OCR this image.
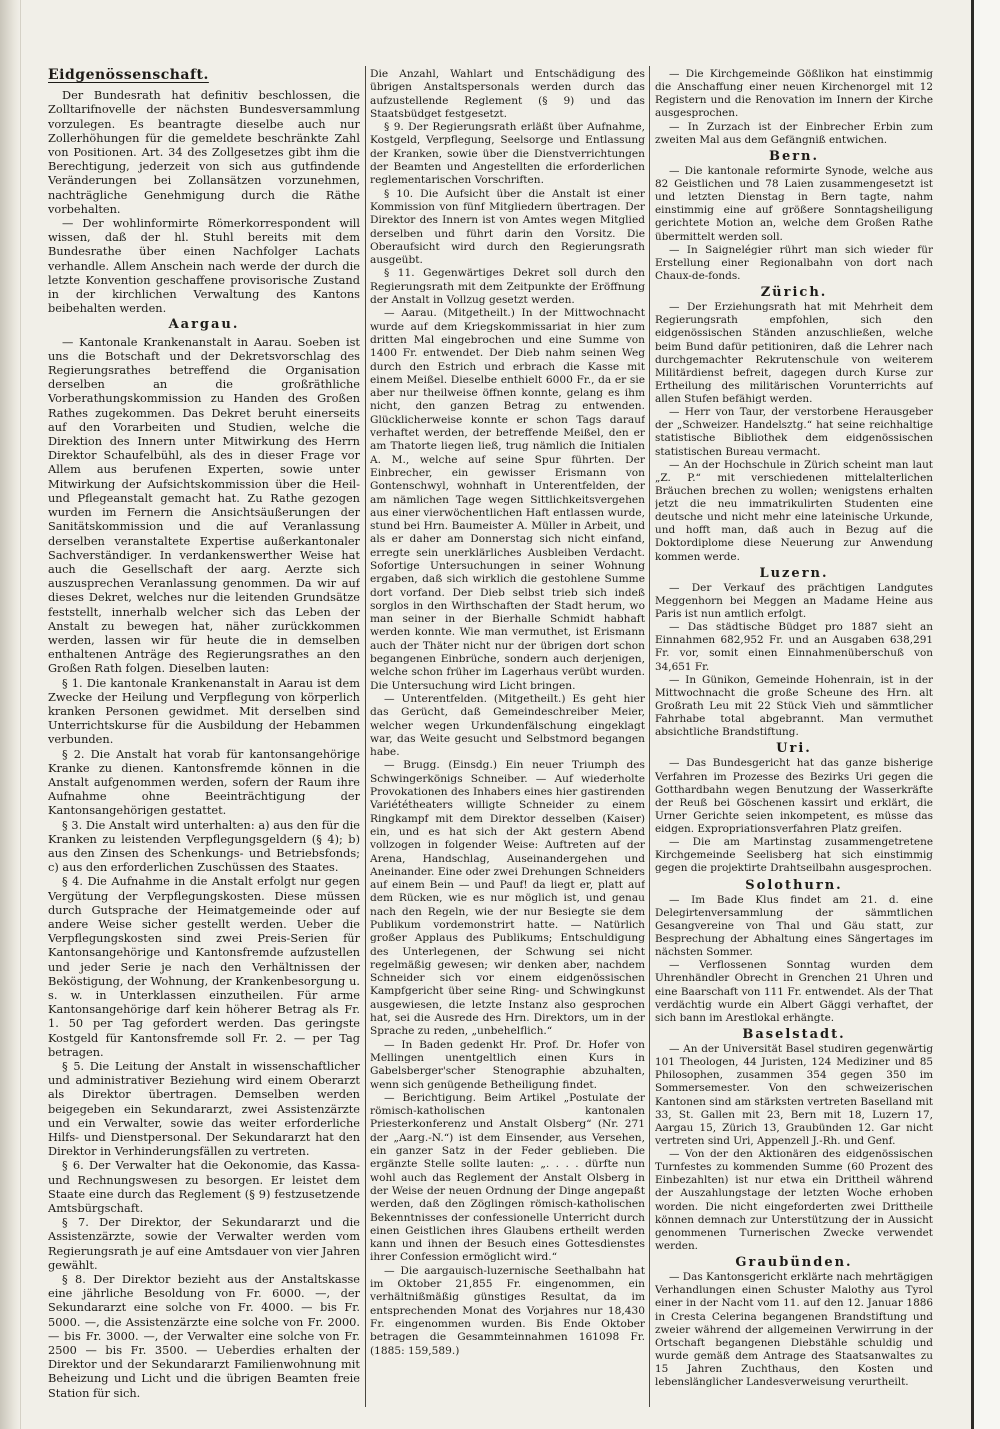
Eidgenössenschaft.

Der Bundesrath hat definitiv beschlossen, die Zolltarifnovelle der nächsten Bundesversammlung vorzulegen. Es beantragte dieselbe auch nur Zollerhöhungen für die gemeldete beschränkte Zahl von Positionen. Art. 34 des Zollgesetzes gibt ihm die Berechtigung, jederzeit von sich aus gutfindende Veränderungen bei Zollansätzen vorzunehmen, nachträgliche Genehmigung durch die Räthe vorbehalten.

— Der wohlinformirte Römerkorrespondent will wissen, daß der hl. Stuhl bereits mit dem Bundesrathe über einen Nachfolger Lachats verhandle. Allem Anschein nach werde der durch die letzte Konvention geschaffene provisorische Zustand in der kirchlichen Verwaltung des Kantons beibehalten werden.

Aargau.

— Kantonale Krankenanstalt in Aarau. Soeben ist uns die Botschaft und der Dekretsvorschlag des Regierungsrathes betreffend die Organisation derselben an die großräthliche Vorberathungskommission zu Handen des Großen Rathes zugekommen. Das Dekret beruht einerseits auf den Vorarbeiten und Studien, welche die Direktion des Innern unter Mitwirkung des Herrn Direktor Schaufelbühl, als des in dieser Frage vor Allem aus berufenen Experten, sowie unter Mitwirkung der Aufsichtskommission über die Heil- und Pflegeanstalt gemacht hat. Zu Rathe gezogen wurden im Fernern die Ansichtsäußerungen der Sanitätskommission und die auf Veranlassung derselben veranstaltete Expertise außerkantonaler Sachverständiger. In verdankenswerther Weise hat auch die Gesellschaft der aarg. Aerzte sich auszusprechen Veranlassung genommen. Da wir auf dieses Dekret, welches nur die leitenden Grundsätze feststellt, innerhalb welcher sich das Leben der Anstalt zu bewegen hat, näher zurückkommen werden, lassen wir für heute die in demselben enthaltenen Anträge des Regierungsrathes an den Großen Rath folgen. Dieselben lauten:

§ 1. Die kantonale Krankenanstalt in Aarau ist dem Zwecke der Heilung und Verpflegung von körperlich kranken Personen gewidmet. Mit derselben sind Unterrichtskurse für die Ausbildung der Hebammen verbunden.

§ 2. Die Anstalt hat vorab für kantonsangehörige Kranke zu dienen. Kantonsfremde können in die Anstalt aufgenommen werden, sofern der Raum ihre Aufnahme ohne Beeinträchtigung der Kantonsangehörigen gestattet.

§ 3. Die Anstalt wird unterhalten: a) aus den für die Kranken zu leistenden Verpflegungsgeldern (§ 4); b) aus den Zinsen des Schenkungs- und Betriebsfonds; c) aus den erforderlichen Zuschüssen des Staates.

§ 4. Die Aufnahme in die Anstalt erfolgt nur gegen Vergütung der Verpflegungskosten. Diese müssen durch Gutsprache der Heimatgemeinde oder auf andere Weise sicher gestellt werden. Ueber die Verpflegungskosten sind zwei Preis-Serien für Kantonsangehörige und Kantonsfremde aufzustellen und jeder Serie je nach den Verhältnissen der Beköstigung, der Wohnung, der Krankenbesorgung u. s. w. in Unterklassen einzutheilen. Für arme Kantonsangehörige darf kein höherer Betrag als Fr. 1. 50 per Tag gefordert werden. Das geringste Kostgeld für Kantonsfremde soll Fr. 2. — per Tag betragen.

§ 5. Die Leitung der Anstalt in wissenschaftlicher und administrativer Beziehung wird einem Oberarzt als Direktor übertragen. Demselben werden beigegeben ein Sekundararzt, zwei Assistenzärzte und ein Verwalter, sowie das weiter erforderliche Hilfs- und Dienstpersonal. Der Sekundararzt hat den Direktor in Verhinderungsfällen zu vertreten.

§ 6. Der Verwalter hat die Oekonomie, das Kassa- und Rechnungswesen zu besorgen. Er leistet dem Staate eine durch das Reglement (§ 9) festzusetzende Amtsbürgschaft.

§ 7. Der Direktor, der Sekundararzt und die Assistenzärzte, sowie der Verwalter werden vom Regierungsrath je auf eine Amtsdauer von vier Jahren gewählt.

§ 8. Der Direktor bezieht aus der Anstaltskasse eine jährliche Besoldung von Fr. 6000. —, der Sekundararzt eine solche von Fr. 4000. — bis Fr. 5000. —, die Assistenzärzte eine solche von Fr. 2000. — bis Fr. 3000. —, der Verwalter eine solche von Fr. 2500 — bis Fr. 3500. — Ueberdies erhalten der Direktor und der Sekundararzt Familienwohnung mit Beheizung und Licht und die übrigen Beamten freie Station für sich.

Die Anzahl, Wahlart und Entschädigung des übrigen Anstaltspersonals werden durch das aufzustellende Reglement (§ 9) und das Staatsbüdget festgesetzt.

§ 9. Der Regierungsrath erläßt über Aufnahme, Kostgeld, Verpflegung, Seelsorge und Entlassung der Kranken, sowie über die Dienstverrichtungen der Beamten und Angestellten die erforderlichen reglementarischen Vorschriften.

§ 10. Die Aufsicht über die Anstalt ist einer Kommission von fünf Mitgliedern übertragen. Der Direktor des Innern ist von Amtes wegen Mitglied derselben und führt darin den Vorsitz. Die Oberaufsicht wird durch den Regierungsrath ausgeübt.

§ 11. Gegenwärtiges Dekret soll durch den Regierungsrath mit dem Zeitpunkte der Eröffnung der Anstalt in Vollzug gesetzt werden.

— Aarau. (Mitgetheilt.) In der Mittwochnacht wurde auf dem Kriegskommissariat in hier zum dritten Mal eingebrochen und eine Summe von 1400 Fr. entwendet. Der Dieb nahm seinen Weg durch den Estrich und erbrach die Kasse mit einem Meißel. Dieselbe enthielt 6000 Fr., da er sie aber nur theilweise öffnen konnte, gelang es ihm nicht, den ganzen Betrag zu entwenden. Glücklicherweise konnte er schon Tags darauf verhaftet werden, der betreffende Meißel, den er am Thatorte liegen ließ, trug nämlich die Initialen A. M., welche auf seine Spur führten. Der Einbrecher, ein gewisser Erismann von Gontenschwyl, wohnhaft in Unterentfelden, der am nämlichen Tage wegen Sittlichkeitsvergehen aus einer vierwöchentlichen Haft entlassen wurde, stund bei Hrn. Baumeister A. Müller in Arbeit, und als er daher am Donnerstag sich nicht einfand, erregte sein unerklärliches Ausbleiben Verdacht. Sofortige Untersuchungen in seiner Wohnung ergaben, daß sich wirklich die gestohlene Summe dort vorfand. Der Dieb selbst trieb sich indeß sorglos in den Wirthschaften der Stadt herum, wo man seiner in der Bierhalle Schmidt habhaft werden konnte. Wie man vermuthet, ist Erismann auch der Thäter nicht nur der übrigen dort schon begangenen Einbrüche, sondern auch derjenigen, welche schon früher im Lagerhaus verübt wurden. Die Untersuchung wird Licht bringen.

— Unterentfelden. (Mitgetheilt.) Es geht hier das Gerücht, daß Gemeindeschreiber Meier, welcher wegen Urkundenfälschung eingeklagt war, das Weite gesucht und Selbstmord begangen habe.

— Brugg. (Einsdg.) Ein neuer Triumph des Schwingerkönigs Schneiber. — Auf wiederholte Provokationen des Inhabers eines hier gastirenden Variététheaters willigte Schneider zu einem Ringkampf mit dem Direktor desselben (Kaiser) ein, und es hat sich der Akt gestern Abend vollzogen in folgender Weise: Auftreten auf der Arena, Handschlag, Auseinandergehen und Aneinander. Eine oder zwei Drehungen Schneiders auf einem Bein — und Pauf! da liegt er, platt auf dem Rücken, wie es nur möglich ist, und genau nach den Regeln, wie der nur Besiegte sie dem Publikum vordemonstrirt hatte. — Natürlich großer Applaus des Publikums; Entschuldigung des Unterlegenen, der Schwung sei nicht regelmäßig gewesen; wir denken aber, nachdem Schneider sich vor einem eidgenössischen Kampfgericht über seine Ring- und Schwingkunst ausgewiesen, die letzte Instanz also gesprochen hat, sei die Ausrede des Hrn. Direktors, um in der Sprache zu reden, „unbehelflich.“

— In Baden gedenkt Hr. Prof. Dr. Hofer von Mellingen unentgeltlich einen Kurs in Gabelsberger'scher Stenographie abzuhalten, wenn sich genügende Betheiligung findet.

— Berichtigung. Beim Artikel „Postulate der römisch-katholischen kantonalen Priesterkonferenz und Anstalt Olsberg“ (Nr. 271 der „Aarg.-N.“) ist dem Einsender, aus Versehen, ein ganzer Satz in der Feder geblieben. Die ergänzte Stelle sollte lauten: „. . . . dürfte nun wohl auch das Reglement der Anstalt Olsberg in der Weise der neuen Ordnung der Dinge angepaßt werden, daß den Zöglingen römisch-katholischen Bekenntnisses der confessionelle Unterricht durch einen Geistlichen ihres Glaubens ertheilt werden kann und ihnen der Besuch eines Gottesdienstes ihrer Confession ermöglicht wird.“

— Die aargauisch-luzernische Seethalbahn hat im Oktober 21,855 Fr. eingenommen, ein verhältnißmäßig günstiges Resultat, da im entsprechenden Monat des Vorjahres nur 18,430 Fr. eingenommen wurden. Bis Ende Oktober betragen die Gesammteinnahmen 161098 Fr. (1885: 159,589.)

— Die Kirchgemeinde Gößlikon hat einstimmig die Anschaffung einer neuen Kirchenorgel mit 12 Registern und die Renovation im Innern der Kirche ausgesprochen.

— In Zurzach ist der Einbrecher Erbin zum zweiten Mal aus dem Gefängniß entwichen.

Bern.

— Die kantonale reformirte Synode, welche aus 82 Geistlichen und 78 Laien zusammengesetzt ist und letzten Dienstag in Bern tagte, nahm einstimmig eine auf größere Sonntagsheiligung gerichtete Motion an, welche dem Großen Rathe übermittelt werden soll.

— In Saignelégier rührt man sich wieder für Erstellung einer Regionalbahn von dort nach Chaux-de-fonds.

Zürich.

— Der Erziehungsrath hat mit Mehrheit dem Regierungsrath empfohlen, sich den eidgenössischen Ständen anzuschließen, welche beim Bund dafür petitioniren, daß die Lehrer nach durchgemachter Rekrutenschule von weiterem Militärdienst befreit, dagegen durch Kurse zur Ertheilung des militärischen Vorunterrichts auf allen Stufen befähigt werden.

— Herr von Taur, der verstorbene Herausgeber der „Schweizer. Handelsztg.“ hat seine reichhaltige statistische Bibliothek dem eidgenössischen statistischen Bureau vermacht.

— An der Hochschule in Zürich scheint man laut „Z. P.“ mit verschiedenen mittelalterlichen Bräuchen brechen zu wollen; wenigstens erhalten jetzt die neu immatrikulirten Studenten eine deutsche und nicht mehr eine lateinische Urkunde, und hofft man, daß auch in Bezug auf die Doktordiplome diese Neuerung zur Anwendung kommen werde.

Luzern.

— Der Verkauf des prächtigen Landgutes Meggenhorn bei Meggen an Madame Heine aus Paris ist nun amtlich erfolgt.

— Das städtische Büdget pro 1887 sieht an Einnahmen 682,952 Fr. und an Ausgaben 638,291 Fr. vor, somit einen Einnahmenüberschuß von 34,651 Fr.

— In Günikon, Gemeinde Hohenrain, ist in der Mittwochnacht die große Scheune des Hrn. alt Großrath Leu mit 22 Stück Vieh und sämmtlicher Fahrhabe total abgebrannt. Man vermuthet absichtliche Brandstiftung.

Uri.

— Das Bundesgericht hat das ganze bisherige Verfahren im Prozesse des Bezirks Uri gegen die Gotthardbahn wegen Benutzung der Wasserkräfte der Reuß bei Göschenen kassirt und erklärt, die Urner Gerichte seien inkompetent, es müsse das eidgen. Expropriationsverfahren Platz greifen.

— Die am Martinstag zusammengetretene Kirchgemeinde Seelisberg hat sich einstimmig gegen die projektirte Drahtseilbahn ausgesprochen.

Solothurn.

— Im Bade Klus findet am 21. d. eine Delegirtenversammlung der sämmtlichen Gesangvereine von Thal und Gäu statt, zur Besprechung der Abhaltung eines Sängertages im nächsten Sommer.

— Verflossenen Sonntag wurden dem Uhrenhändler Obrecht in Grenchen 21 Uhren und eine Baarschaft von 111 Fr. entwendet. Als der That verdächtig wurde ein Albert Gäggi verhaftet, der sich bann im Arestlokal erhängte.

Baselstadt.

— An der Universität Basel studiren gegenwärtig 101 Theologen, 44 Juristen, 124 Mediziner und 85 Philosophen, zusammen 354 gegen 350 im Sommersemester. Von den schweizerischen Kantonen sind am stärksten vertreten Baselland mit 33, St. Gallen mit 23, Bern mit 18, Luzern 17, Aargau 15, Zürich 13, Graubünden 12. Gar nicht vertreten sind Uri, Appenzell J.-Rh. und Genf.

— Von der den Aktionären des eidgenössischen Turnfestes zu kommenden Summe (60 Prozent des Einbezahlten) ist nur etwa ein Drittheil während der Auszahlungstage der letzten Woche erhoben worden. Die nicht eingeforderten zwei Drittheile können demnach zur Unterstützung der in Aussicht genommenen Turnerischen Zwecke verwendet werden.

Graubünden.

— Das Kantonsgericht erklärte nach mehrtägigen Verhandlungen einen Schuster Malothy aus Tyrol einer in der Nacht vom 11. auf den 12. Januar 1886 in Cresta Celerina begangenen Brandstiftung und zweier während der allgemeinen Verwirrung in der Ortschaft begangenen Diebstähle schuldig und wurde gemäß dem Antrage des Staatsanwaltes zu 15 Jahren Zuchthaus, den Kosten und lebenslänglicher Landesverweisung verurtheilt.
